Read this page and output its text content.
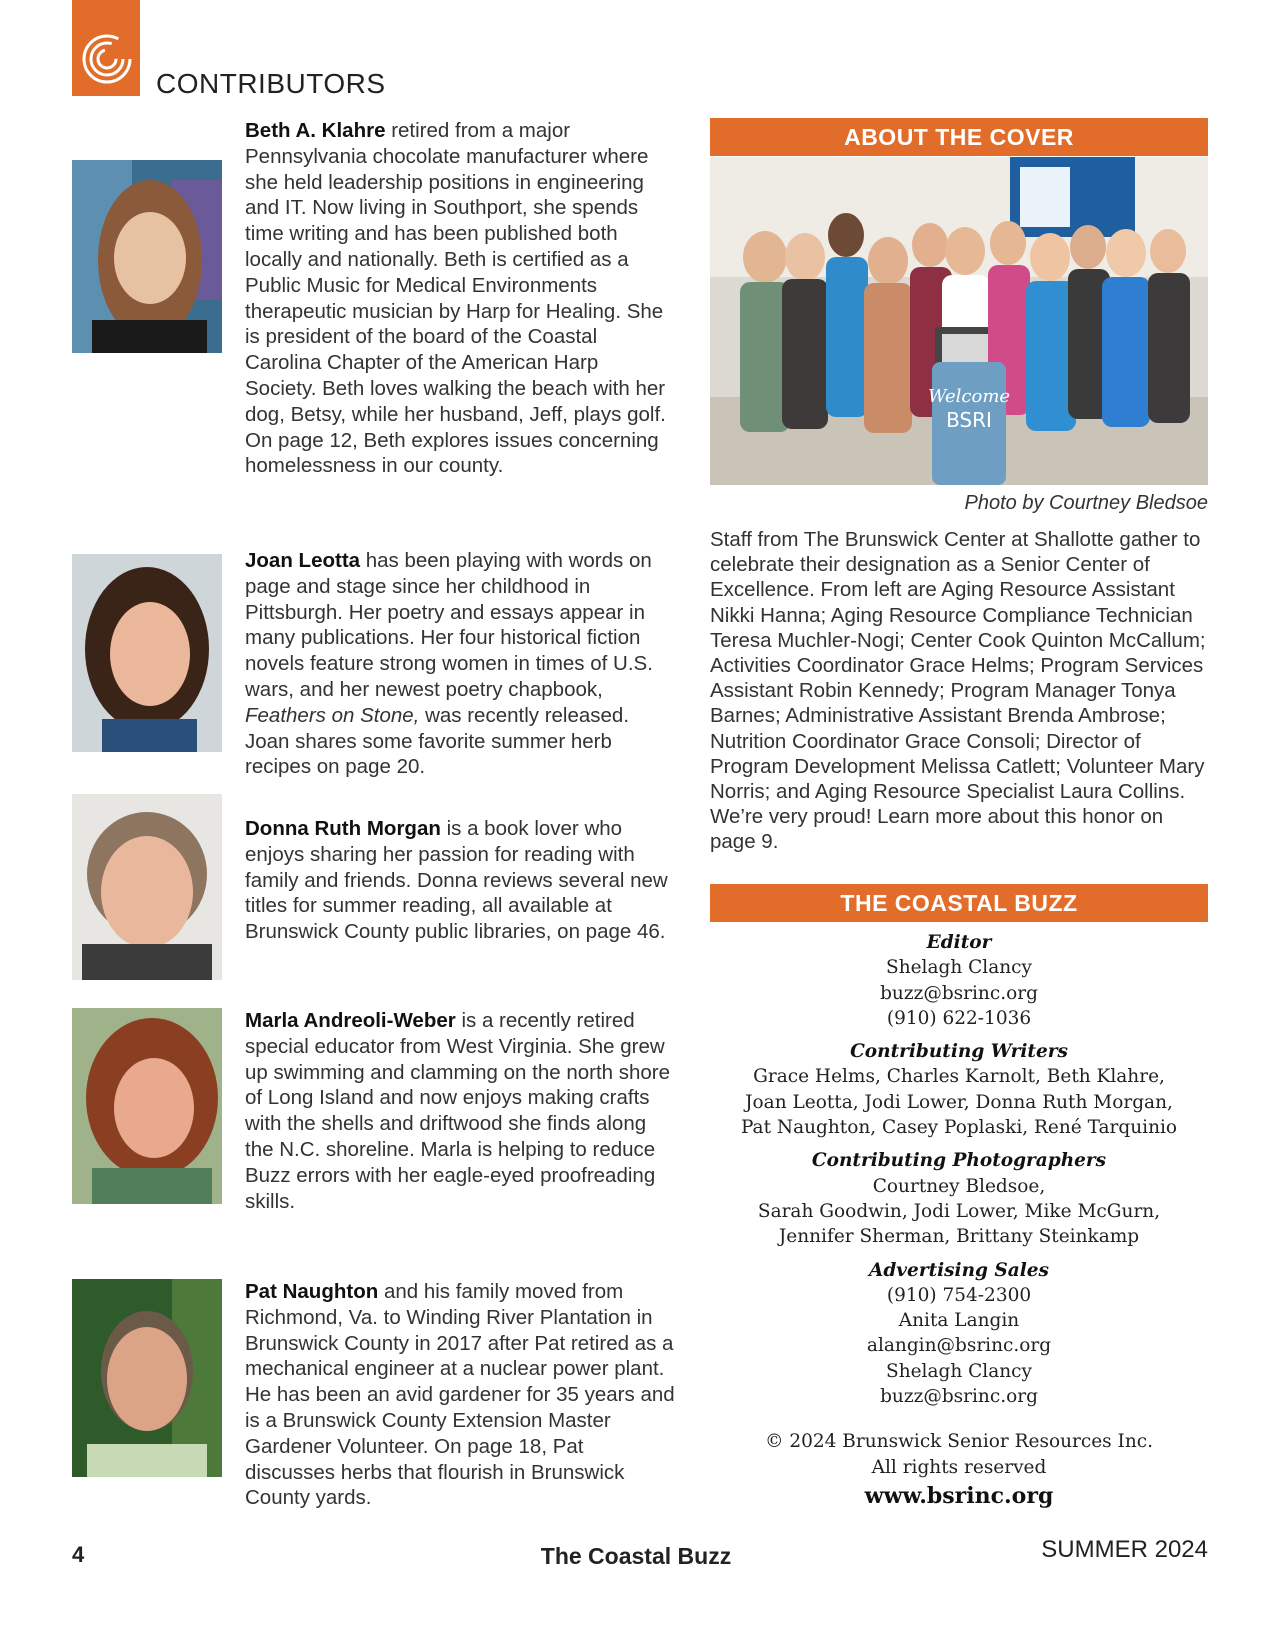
CONTRIBUTORS

Beth A. Klahre retired from a major Pennsylvania chocolate manufacturer where she held leadership positions in engineering and IT. Now living in Southport, she spends time writing and has been published both locally and nationally. Beth is certified as a Public Music for Medical Environments therapeutic musician by Harp for Healing. She is president of the board of the Coastal Carolina Chapter of the American Harp Society. Beth loves walking the beach with her dog, Betsy, while her husband, Jeff, plays golf. On page 12, Beth explores issues concerning homelessness in our county.

Joan Leotta has been playing with words on page and stage since her childhood in Pittsburgh. Her poetry and essays appear in many publications. Her four historical fiction novels feature strong women in times of U.S. wars, and her newest poetry chapbook, Feathers on Stone, was recently released. Joan shares some favorite summer herb recipes on page 20.

Donna Ruth Morgan is a book lover who enjoys sharing her passion for reading with family and friends. Donna reviews several new titles for summer reading, all available at Brunswick County public libraries, on page 46.

Marla Andreoli-Weber is a recently retired special educator from West Virginia. She grew up swimming and clamming on the north shore of Long Island and now enjoys making crafts with the shells and driftwood she finds along the N.C. shoreline. Marla is helping to reduce Buzz errors with her eagle-eyed proofreading skills.

Pat Naughton and his family moved from Richmond, Va. to Winding River Plantation in Brunswick County in 2017 after Pat retired as a mechanical engineer at a nuclear power plant. He has been an avid gardener for 35 years and is a Brunswick County Extension Master Gardener Volunteer. On page 18, Pat discusses herbs that flourish in Brunswick County yards.

ABOUT THE COVER
Welcome
BSRI
Photo by Courtney Bledsoe

Staff from The Brunswick Center at Shallotte gather to celebrate their designation as a Senior Center of Excellence. From left are Aging Resource Assistant Nikki Hanna; Aging Resource Compliance Technician Teresa Muchler-Nogi; Center Cook Quinton McCallum; Activities Coordinator Grace Helms; Program Services Assistant Robin Kennedy; Program Manager Tonya Barnes; Administrative Assistant Brenda Ambrose; Nutrition Coordinator Grace Consoli; Director of Program Development Melissa Catlett; Volunteer Mary Norris; and Aging Resource Specialist Laura Collins. We’re very proud! Learn more about this honor on page 9.

THE COASTAL BUZZ
Editor
Shelagh Clancy
buzz@bsrinc.org
(910) 622-1036
Contributing Writers
Grace Helms, Charles Karnolt, Beth Klahre,
Joan Leotta, Jodi Lower, Donna Ruth Morgan,
Pat Naughton, Casey Poplaski, René Tarquinio
Contributing Photographers
Courtney Bledsoe,
Sarah Goodwin, Jodi Lower, Mike McGurn,
Jennifer Sherman, Brittany Steinkamp
Advertising Sales
(910) 754-2300
Anita Langin
alangin@bsrinc.org
Shelagh Clancy
buzz@bsrinc.org
© 2024 Brunswick Senior Resources Inc.
All rights reserved
www.bsrinc.org
4	The Coastal Buzz	SUMMER 2024
